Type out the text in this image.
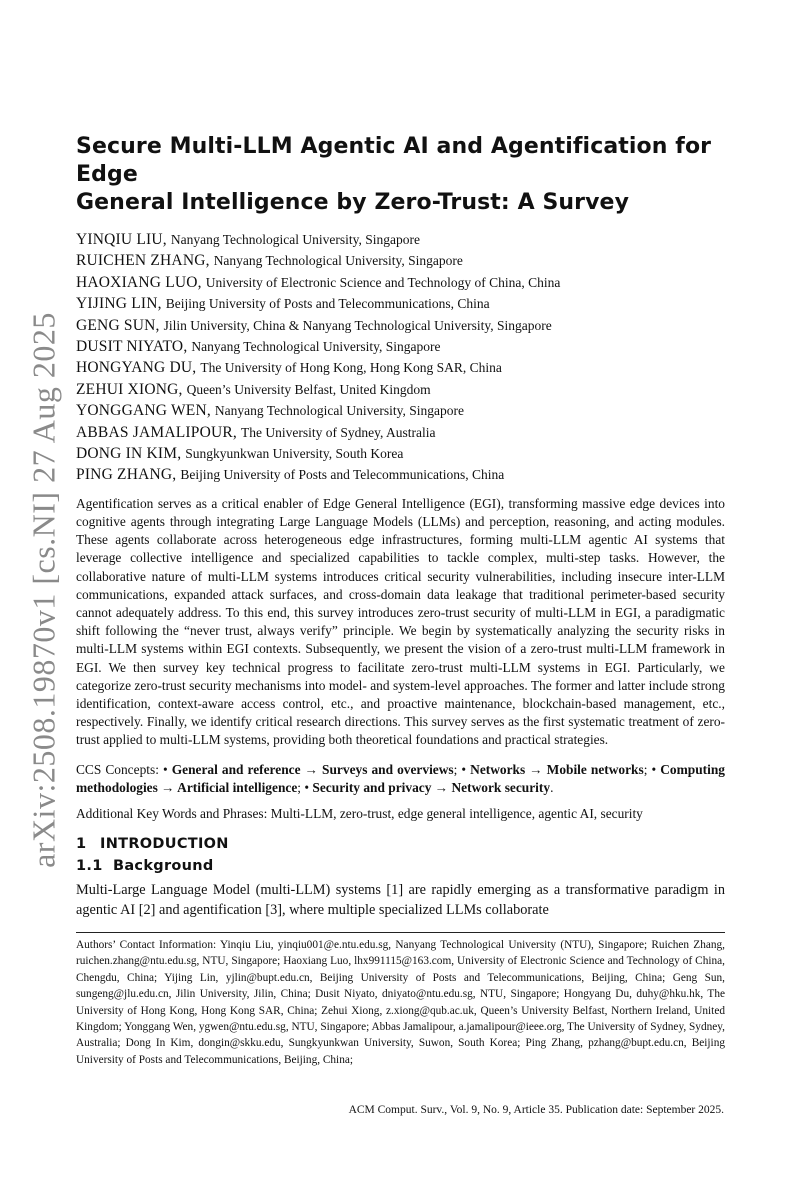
arXiv:2508.19870v1 [cs.NI] 27 Aug 2025
Secure Multi-LLM Agentic AI and Agentification for Edge
General Intelligence by Zero-Trust: A Survey
YINQIU LIU, Nanyang Technological University, Singapore
RUICHEN ZHANG, Nanyang Technological University, Singapore
HAOXIANG LUO, University of Electronic Science and Technology of China, China
YIJING LIN, Beijing University of Posts and Telecommunications, China
GENG SUN, Jilin University, China & Nanyang Technological University, Singapore
DUSIT NIYATO, Nanyang Technological University, Singapore
HONGYANG DU, The University of Hong Kong, Hong Kong SAR, China
ZEHUI XIONG, Queen’s University Belfast, United Kingdom
YONGGANG WEN, Nanyang Technological University, Singapore
ABBAS JAMALIPOUR, The University of Sydney, Australia
DONG IN KIM, Sungkyunkwan University, South Korea
PING ZHANG, Beijing University of Posts and Telecommunications, China

Agentification serves as a critical enabler of Edge General Intelligence (EGI), transforming massive edge devices into cognitive agents through integrating Large Language Models (LLMs) and perception, reasoning, and acting modules. These agents collaborate across heterogeneous edge infrastructures, forming multi-LLM agentic AI systems that leverage collective intelligence and specialized capabilities to tackle complex, multi-step tasks. However, the collaborative nature of multi-LLM systems introduces critical security vulnerabilities, including insecure inter-LLM communications, expanded attack surfaces, and cross-domain data leakage that traditional perimeter-based security cannot adequately address. To this end, this survey introduces zero-trust security of multi-LLM in EGI, a paradigmatic shift following the “never trust, always verify” principle. We begin by systematically analyzing the security risks in multi-LLM systems within EGI contexts. Subsequently, we present the vision of a zero-trust multi-LLM framework in EGI. We then survey key technical progress to facilitate zero-trust multi-LLM systems in EGI. Particularly, we categorize zero-trust security mechanisms into model- and system-level approaches. The former and latter include strong identification, context-aware access control, etc., and proactive maintenance, blockchain-based management, etc., respectively. Finally, we identify critical research directions. This survey serves as the first systematic treatment of zero-trust applied to multi-LLM systems, providing both theoretical foundations and practical strategies.

CCS Concepts: • General and reference → Surveys and overviews; • Networks → Mobile networks; • Computing methodologies → Artificial intelligence; • Security and privacy → Network security.

Additional Key Words and Phrases: Multi-LLM, zero-trust, edge general intelligence, agentic AI, security

1 INTRODUCTION
1.1 Background

Multi-Large Language Model (multi-LLM) systems [1] are rapidly emerging as a transformative paradigm in agentic AI [2] and agentification [3], where multiple specialized LLMs collaborate

Authors’ Contact Information: Yinqiu Liu, yinqiu001@e.ntu.edu.sg, Nanyang Technological University (NTU), Singapore; Ruichen Zhang, ruichen.zhang@ntu.edu.sg, NTU, Singapore; Haoxiang Luo, lhx991115@163.com, University of Electronic Science and Technology of China, Chengdu, China; Yijing Lin, yjlin@bupt.edu.cn, Beijing University of Posts and Telecommunications, Beijing, China; Geng Sun, sungeng@jlu.edu.cn, Jilin University, Jilin, China; Dusit Niyato, dniyato@ntu.edu.sg, NTU, Singapore; Hongyang Du, duhy@hku.hk, The University of Hong Kong, Hong Kong SAR, China; Zehui Xiong, z.xiong@qub.ac.uk, Queen’s University Belfast, Northern Ireland, United Kingdom; Yonggang Wen, ygwen@ntu.edu.sg, NTU, Singapore; Abbas Jamalipour, a.jamalipour@ieee.org, The University of Sydney, Sydney, Australia; Dong In Kim, dongin@skku.edu, Sungkyunkwan University, Suwon, South Korea; Ping Zhang, pzhang@bupt.edu.cn, Beijing University of Posts and Telecommunications, Beijing, China;

ACM Comput. Surv., Vol. 9, No. 9, Article 35. Publication date: September 2025.
